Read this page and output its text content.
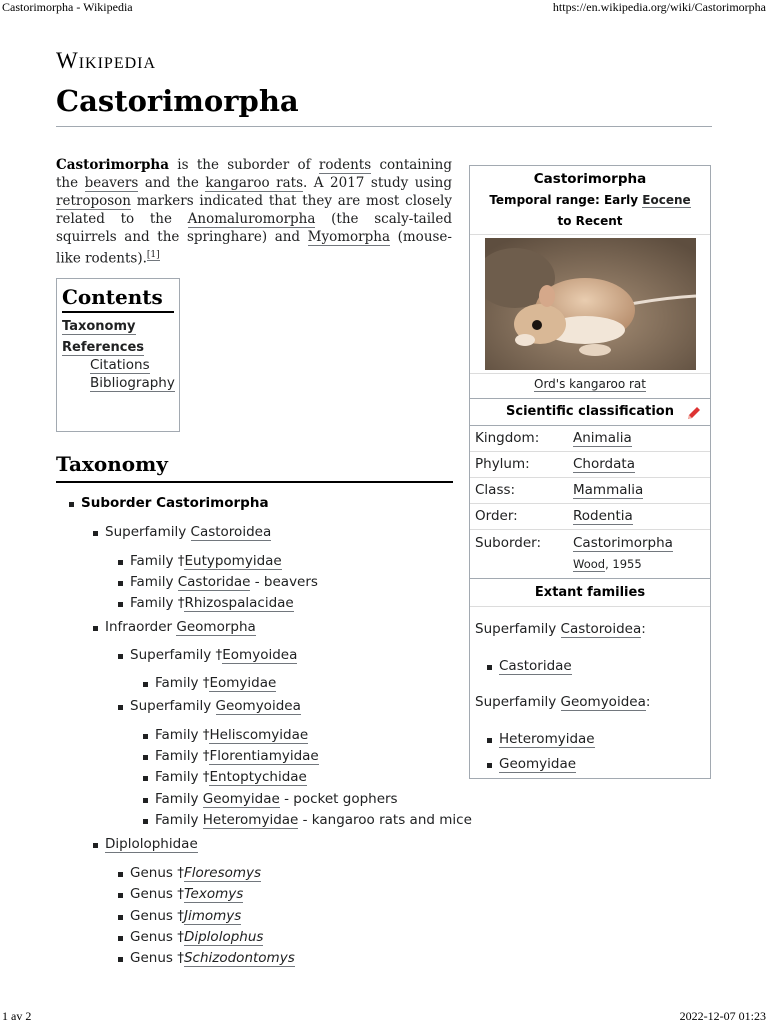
Castorimorpha - Wikipedia	https://en.wikipedia.org/wiki/Castorimorpha
1 av 2	2022-12-07 01:23
Wikipedia
Castorimorpha
Castorimorpha is the suborder of rodents containing the beavers and the kangaroo rats. A 2017 study using retroposon markers indicated that they are most closely related to the Anomaluromorpha (the scaly-tailed squirrels and the springhare) and Myomorpha (mouse-like rodents).[1]
Contents
Taxonomy
References
Citations
Bibliography
Taxonomy
Suborder Castorimorpha
Superfamily Castoroidea
Family †Eutypomyidae
Family Castoridae - beavers
Family †Rhizospalacidae
Infraorder Geomorpha
Superfamily †Eomyoidea
Family †Eomyidae
Superfamily Geomyoidea
Family †Heliscomyidae
Family †Florentiamyidae
Family †Entoptychidae
Family Geomyidae - pocket gophers
Family Heteromyidae - kangaroo rats and mice
Diplolophidae
Genus †Floresomys
Genus †Texomys
Genus †Jimomys
Genus †Diplolophus
Genus †Schizodontomys
Castorimorpha
Temporal range: Early Eocene to Recent
Ord's kangaroo rat
Scientific classification
Kingdom: Animalia
Phylum:	Chordata
Class:	Mammalia
Order:	Rodentia
Suborder: Castorimorpha
Wood, 1955
Extant families
Superfamily Castoroidea:
Castoridae
Superfamily Geomyoidea:
Heteromyidae
Geomyidae
